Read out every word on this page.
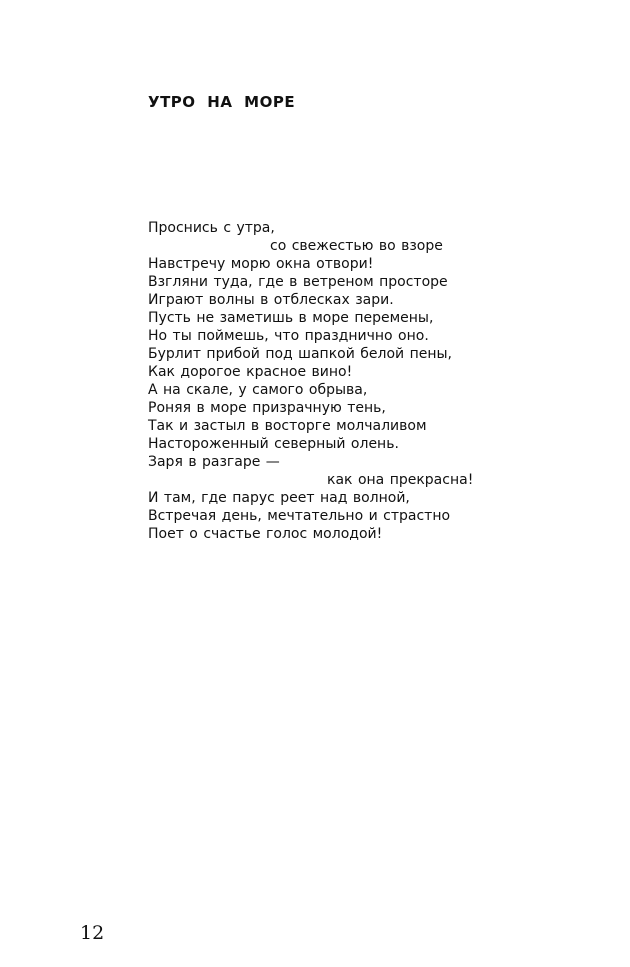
УТРО НА МОРЕ
Проснись с утра,
со свежестью во взоре
Навстречу морю окна отвори!
Взгляни туда, где в ветреном просторе
Играют волны в отблесках зари.
Пусть не заметишь в море перемены,
Но ты поймешь, что празднично оно.
Бурлит прибой под шапкой белой пены,
Как дорогое красное вино!
А на скале, у самого обрыва,
Роняя в море призрачную тень,
Так и застыл в восторге молчаливом
Настороженный северный олень.
Заря в разгаре —
как она прекрасна!
И там, где парус реет над волной,
Встречая день, мечтательно и страстно
Поет о счастье голос молодой!
12
